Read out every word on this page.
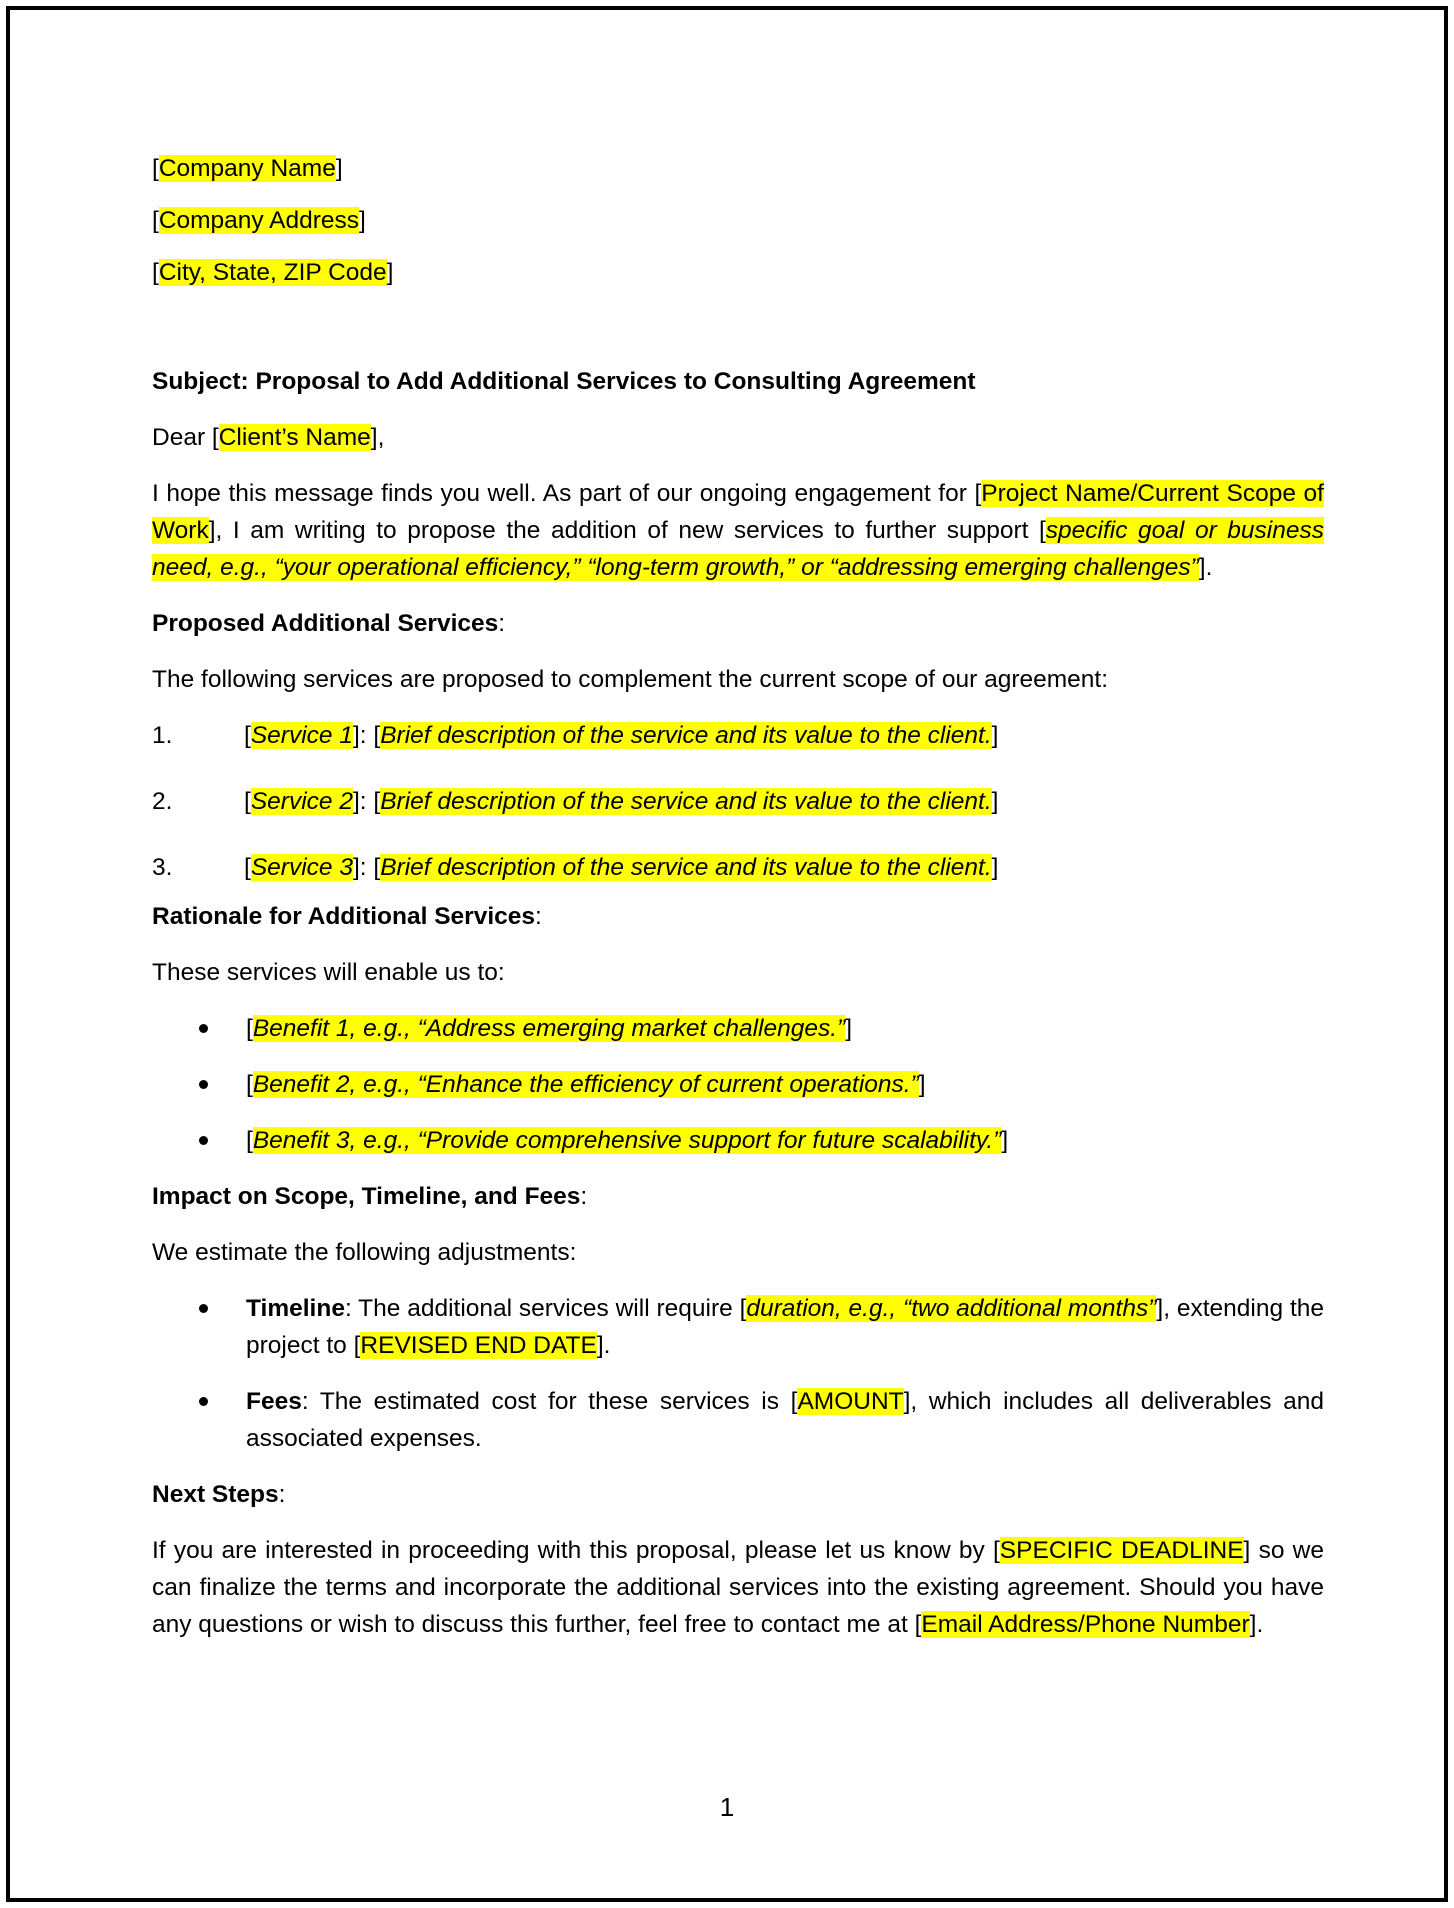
[Company Name]

[Company Address]

[City, State, ZIP Code]

Subject: Proposal to Add Additional Services to Consulting Agreement

Dear [Client’s Name],

I hope this message finds you well. As part of our ongoing engagement for [Project Name/Current Scope of Work], I am writing to propose the addition of new services to further support [specific goal or business need, e.g., “your operational efficiency,” “long-term growth,” or “addressing emerging challenges”].

Proposed Additional Services:

The following services are proposed to complement the current scope of our agreement:

1.	[Service 1]: [Brief description of the service and its value to the client.]
2.	[Service 2]: [Brief description of the service and its value to the client.]
3.	[Service 3]: [Brief description of the service and its value to the client.]

Rationale for Additional Services:

These services will enable us to:

[Benefit 1, e.g., “Address emerging market challenges.”]
[Benefit 2, e.g., “Enhance the efficiency of current operations.”]
[Benefit 3, e.g., “Provide comprehensive support for future scalability.”]

Impact on Scope, Timeline, and Fees:

We estimate the following adjustments:

Timeline: The additional services will require [duration, e.g., “two additional months”], extending the project to [REVISED END DATE].
Fees: The estimated cost for these services is [AMOUNT], which includes all deliverables and associated expenses.

Next Steps:

If you are interested in proceeding with this proposal, please let us know by [SPECIFIC DEADLINE] so we can finalize the terms and incorporate the additional services into the existing agreement. Should you have any questions or wish to discuss this further, feel free to contact me at [Email Address/Phone Number].

1
